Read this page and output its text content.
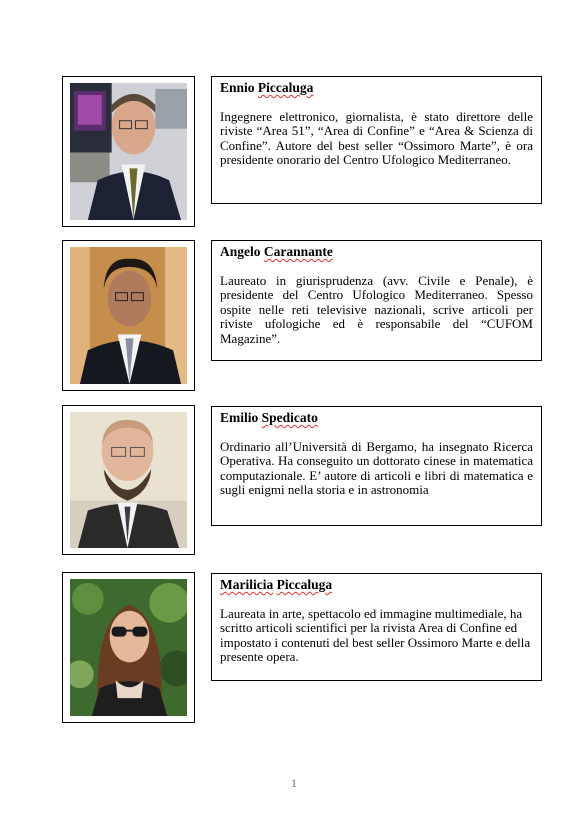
Ennio Piccaluga

Ingegnere elettronico, giornalista, è stato direttore delle riviste “Area 51”, “Area di Confine” e “Area & Scienza di Confine”. Autore del best seller “Ossimoro Marte”, è ora presidente onorario del Centro Ufologico Mediterraneo.

Angelo Carannante

Laureato in giurisprudenza (avv. Civile e Penale), è presidente del Centro Ufologico Mediterraneo. Spesso ospite nelle reti televisive nazionali, scrive articoli per riviste ufologiche ed è responsabile del “CUFOM Magazine”.

Emilio Spedicato

Ordinario all’Università di Bergamo, ha insegnato Ricerca Operativa. Ha conseguito un dottorato cinese in matematica computazionale. E’ autore di articoli e libri di matematica e sugli enigmi nella storia e in astronomia

Marilicia Piccaluga

Laureata in arte, spettacolo ed immagine multimediale, ha scritto articoli scientifici per la rivista Area di Confine ed impostato i contenuti del best seller Ossimoro Marte e della presente opera.

1
